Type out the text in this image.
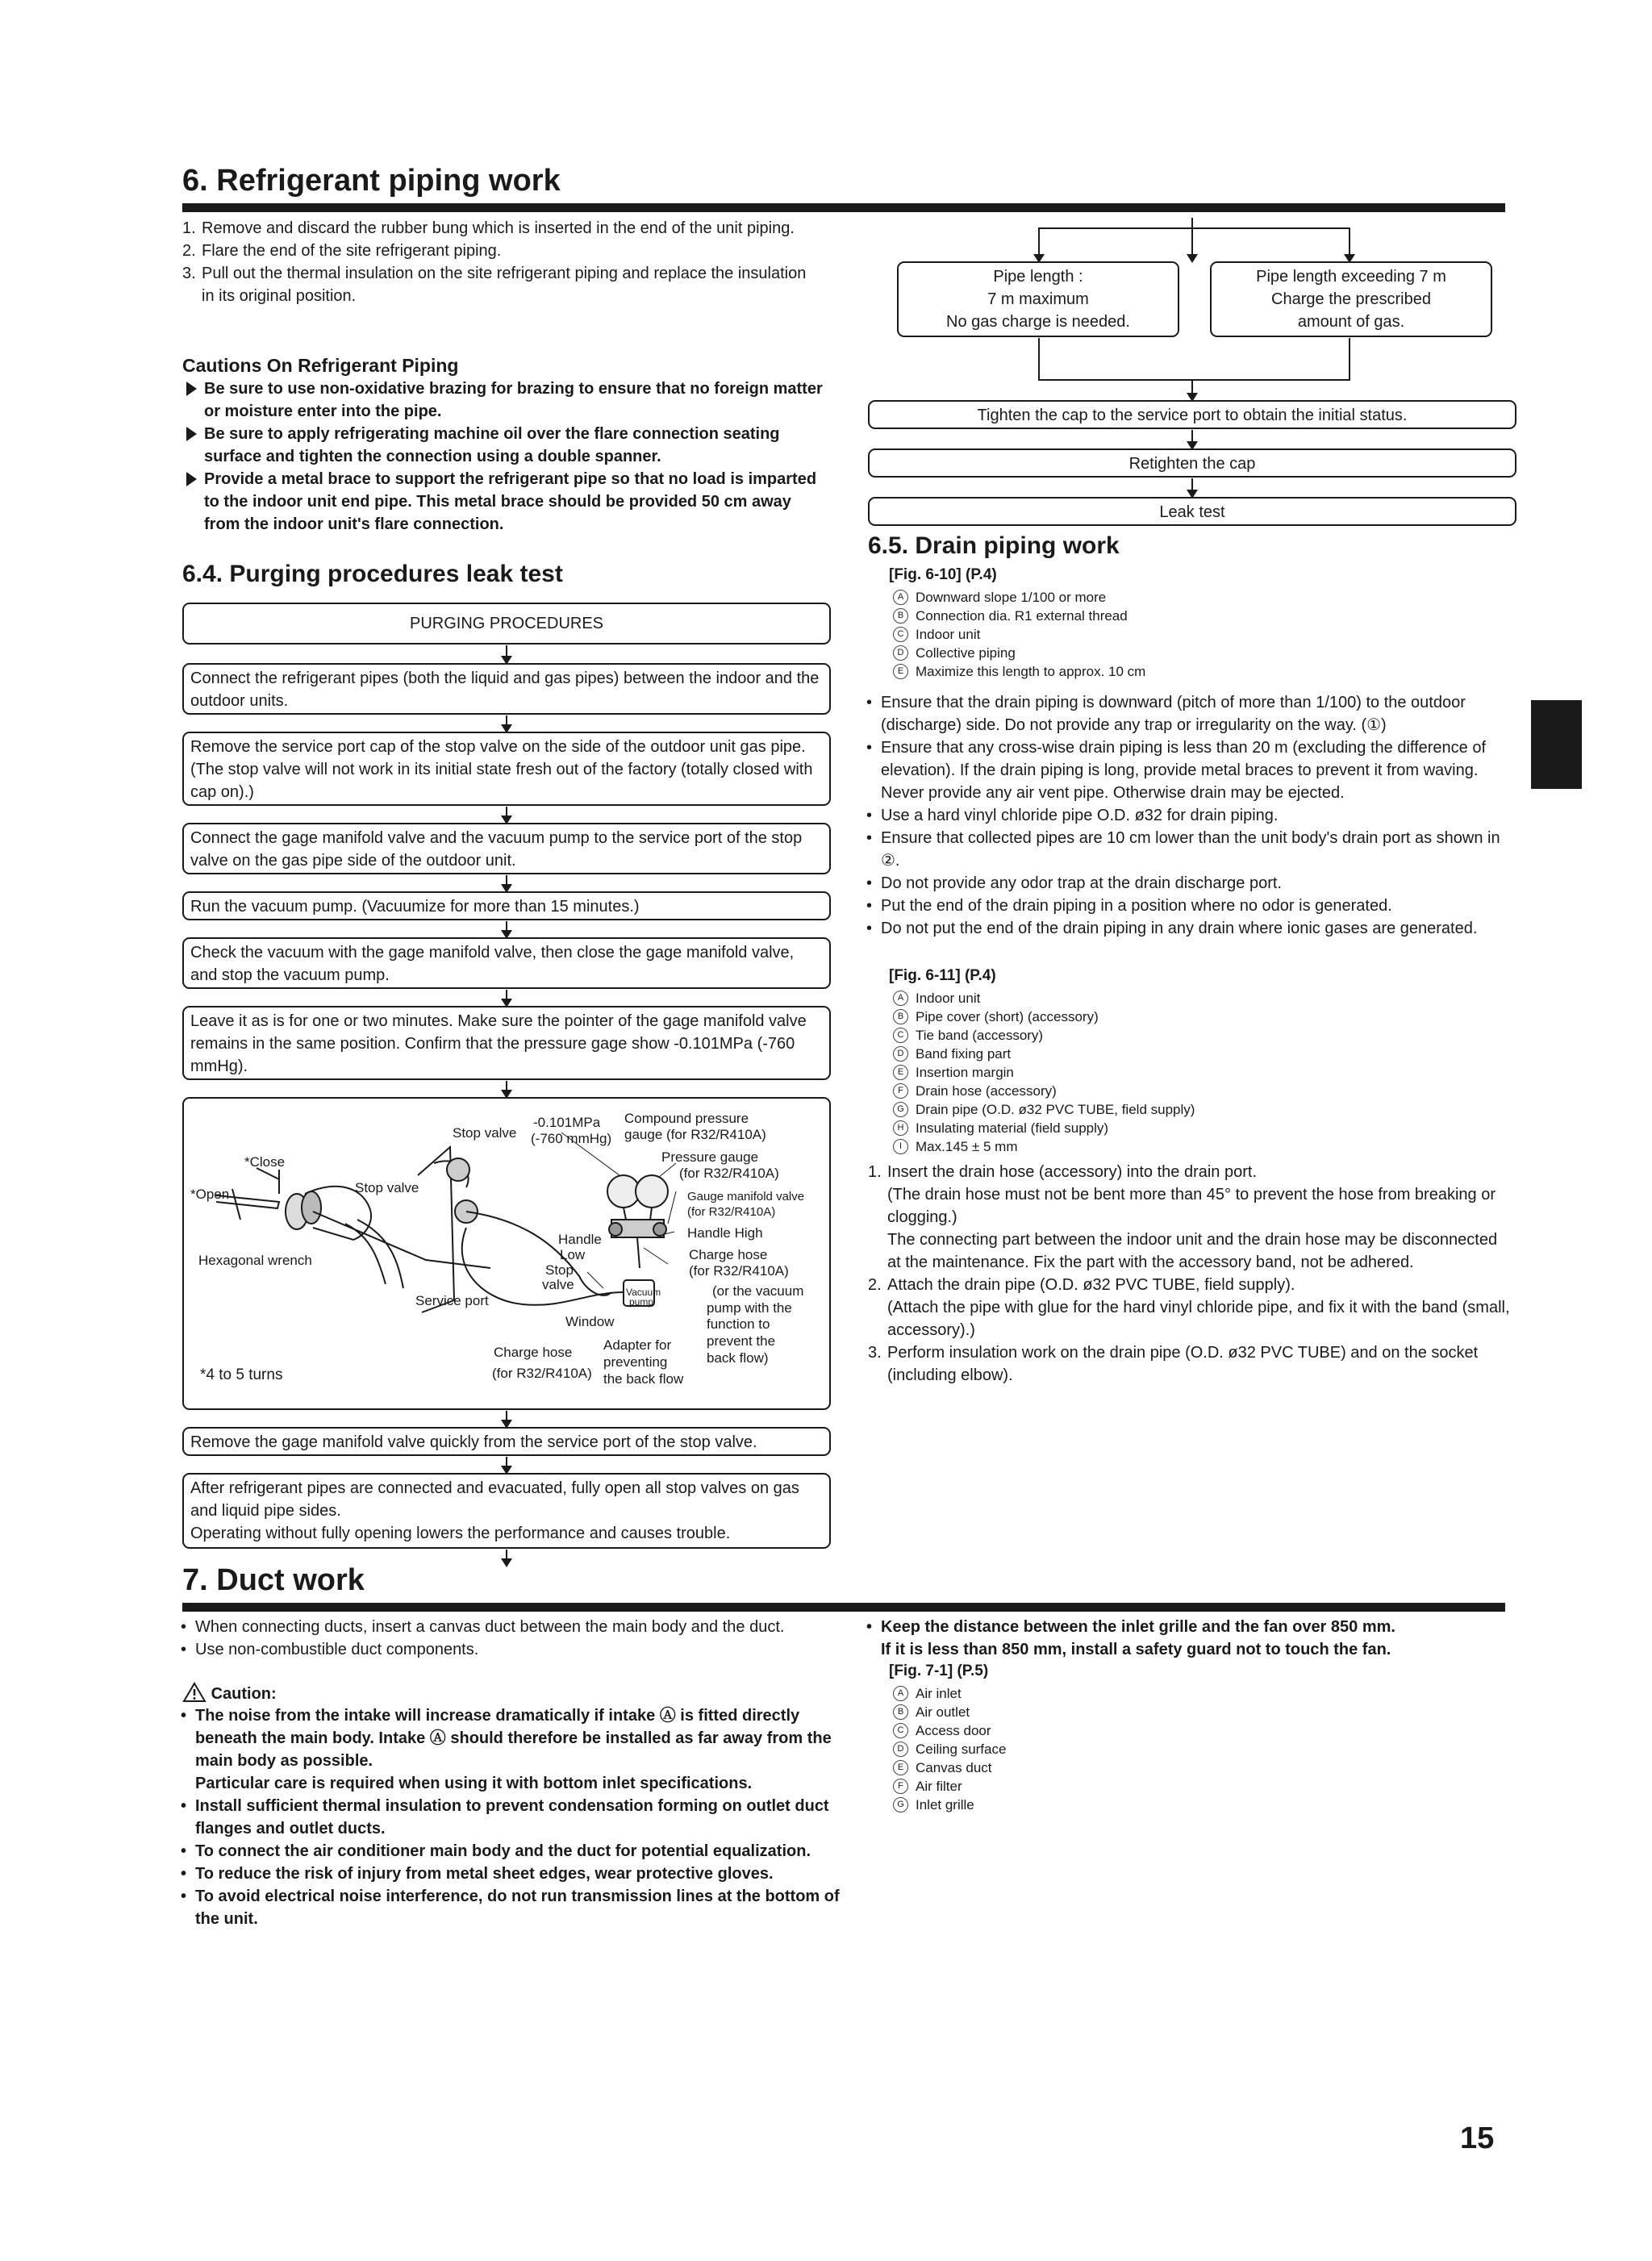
6. Refrigerant piping work
1. Remove and discard the rubber bung which is inserted in the end of the unit piping.
2. Flare the end of the site refrigerant piping.
3. Pull out the thermal insulation on the site refrigerant piping and replace the insulation in its original position.
Cautions On Refrigerant Piping
Be sure to use non-oxidative brazing for brazing to ensure that no foreign matter or moisture enter into the pipe.
Be sure to apply refrigerating machine oil over the flare connection seating surface and tighten the connection using a double spanner.
Provide a metal brace to support the refrigerant pipe so that no load is imparted to the indoor unit end pipe. This metal brace should be provided 50 cm away from the indoor unit's flare connection.
6.4. Purging procedures leak test
PURGING PROCEDURES
Connect the refrigerant pipes (both the liquid and gas pipes) between the indoor and the outdoor units.
Remove the service port cap of the stop valve on the side of the outdoor unit gas pipe. (The stop valve will not work in its initial state fresh out of the factory (totally closed with cap on).)
Connect the gage manifold valve and the vacuum pump to the service port of the stop valve on the gas pipe side of the outdoor unit.
Run the vacuum pump. (Vacuumize for more than 15 minutes.)
Check the vacuum with the gage manifold valve, then close the gage manifold valve, and stop the vacuum pump.
Leave it as is for one or two minutes. Make sure the pointer of the gage manifold valve remains in the same position. Confirm that the pressure gage show -0.101MPa (-760 mmHg).
*Close
*Open	Stop valve
Hexagonal wrench
*4 to 5 turns
Stop valve
-0.101MPa
(-760 mmHg)
Compound pressure
gauge (for R32/R410A)
Pressure gauge
(for R32/R410A)
Gauge manifold valve
(for R32/R410A)
Handle High
Handle
Low	Charge hose
(for R32/R410A)
Stop
valve
Service port
Window
Vacuum
pump
(or the vacuum
pump with the
function to
prevent the
back flow)
Adapter for
preventing
the back flow
Charge hose
(for R32/R410A)
Remove the gage manifold valve quickly from the service port of the stop valve.
After refrigerant pipes are connected and evacuated, fully open all stop valves on gas and liquid pipe sides.
Operating without fully opening lowers the performance and causes trouble.
Pipe length :
7 m maximum
No gas charge is needed.
Pipe length exceeding 7 m
Charge the prescribed
amount of gas.
Tighten the cap to the service port to obtain the initial status.
Retighten the cap
Leak test
6.5. Drain piping work
[Fig. 6-10] (P.4)
A Downward slope 1/100 or more
B Connection dia. R1 external thread
C Indoor unit
D Collective piping
E Maximize this length to approx. 10 cm
• Ensure that the drain piping is downward (pitch of more than 1/100) to the outdoor (discharge) side. Do not provide any trap or irregularity on the way. (①)
• Ensure that any cross-wise drain piping is less than 20 m (excluding the difference of elevation). If the drain piping is long, provide metal braces to prevent it from waving. Never provide any air vent pipe. Otherwise drain may be ejected.
• Use a hard vinyl chloride pipe O.D. ø32 for drain piping.
• Ensure that collected pipes are 10 cm lower than the unit body's drain port as shown in ②.
• Do not provide any odor trap at the drain discharge port.
• Put the end of the drain piping in a position where no odor is generated.
• Do not put the end of the drain piping in any drain where ionic gases are generated.
[Fig. 6-11] (P.4)
A Indoor unit
B Pipe cover (short) (accessory)
C Tie band (accessory)
D Band fixing part
E Insertion margin
F Drain hose (accessory)
G Drain pipe (O.D. ø32 PVC TUBE, field supply)
H Insulating material (field supply)
I Max.145 ± 5 mm
1. Insert the drain hose (accessory) into the drain port.
(The drain hose must not be bent more than 45° to prevent the hose from breaking or clogging.)
The connecting part between the indoor unit and the drain hose may be disconnected at the maintenance. Fix the part with the accessory band, not be adhered.
2. Attach the drain pipe (O.D. ø32 PVC TUBE, field supply).
(Attach the pipe with glue for the hard vinyl chloride pipe, and fix it with the band (small, accessory).)
3. Perform insulation work on the drain pipe (O.D. ø32 PVC TUBE) and on the socket (including elbow).
7. Duct work
• When connecting ducts, insert a canvas duct between the main body and the duct.
• Use non-combustible duct components.
Caution:
• The noise from the intake will increase dramatically if intake Ⓐ is fitted directly beneath the main body. Intake Ⓐ should therefore be installed as far away from the main body as possible.
Particular care is required when using it with bottom inlet specifications.
• Install sufficient thermal insulation to prevent condensation forming on outlet duct flanges and outlet ducts.
• To connect the air conditioner main body and the duct for potential equalization.
• To reduce the risk of injury from metal sheet edges, wear protective gloves.
• To avoid electrical noise interference, do not run transmission lines at the bottom of the unit.
• Keep the distance between the inlet grille and the fan over 850 mm.
If it is less than 850 mm, install a safety guard not to touch the fan.
[Fig. 7-1] (P.5)
A Air inlet
B Air outlet
C Access door
D Ceiling surface
E Canvas duct
F Air filter
G Inlet grille
15
